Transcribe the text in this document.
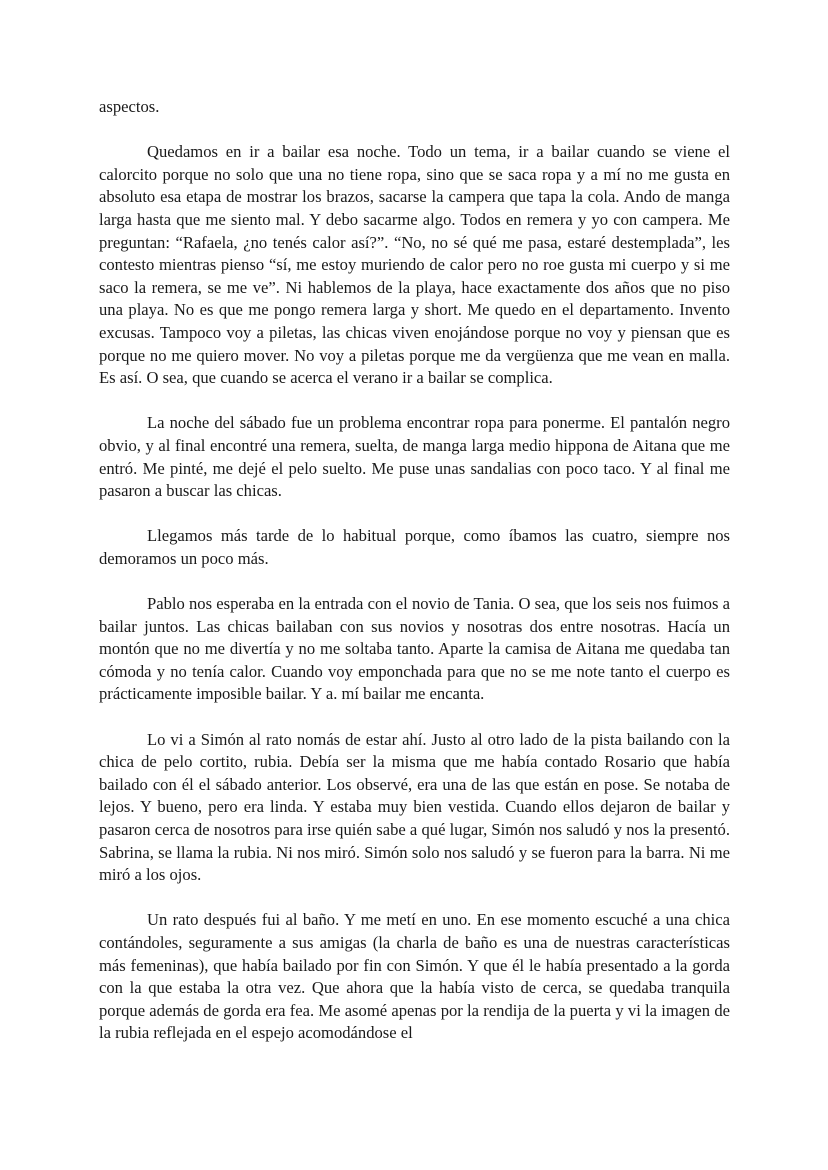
aspectos.

Quedamos en ir a bailar esa noche. Todo un tema, ir a bailar cuando se viene el calorcito porque no solo que una no tiene ropa, sino que se saca ropa y a mí no me gusta en absoluto esa etapa de mostrar los brazos, sacarse la campera que tapa la cola. Ando de manga larga hasta que me siento mal. Y debo sacarme algo. Todos en remera y yo con campera. Me preguntan: “Rafaela, ¿no tenés calor así?”. “No, no sé qué me pasa, estaré destemplada”, les contesto mientras pienso “sí, me estoy muriendo de calor pero no roe gusta mi cuerpo y si me saco la remera, se me ve”. Ni hablemos de la playa, hace exactamente dos años que no piso una playa. No es que me pongo remera larga y short. Me quedo en el departamento. Invento excusas. Tampoco voy a piletas, las chicas viven enojándose porque no voy y piensan que es porque no me quiero mover. No voy a piletas porque me da vergüenza que me vean en malla. Es así. O sea, que cuando se acerca el verano ir a bailar se complica.

La noche del sábado fue un problema encontrar ropa para ponerme. El pantalón negro obvio, y al final encontré una remera, suelta, de manga larga medio hippona de Aitana que me entró. Me pinté, me dejé el pelo suelto. Me puse unas sandalias con poco taco. Y al final me pasaron a buscar las chicas.

Llegamos más tarde de lo habitual porque, como íbamos las cuatro, siempre nos demoramos un poco más.

Pablo nos esperaba en la entrada con el novio de Tania. O sea, que los seis nos fuimos a bailar juntos. Las chicas bailaban con sus novios y nosotras dos entre nosotras. Hacía un montón que no me divertía y no me soltaba tanto. Aparte la camisa de Aitana me quedaba tan cómoda y no tenía calor. Cuando voy emponchada para que no se me note tanto el cuerpo es prácticamente imposible bailar. Y a. mí bailar me encanta.

Lo vi a Simón al rato nomás de estar ahí. Justo al otro lado de la pista bailando con la chica de pelo cortito, rubia. Debía ser la misma que me había contado Rosario que había bailado con él el sábado anterior. Los observé, era una de las que están en pose. Se notaba de lejos. Y bueno, pero era linda. Y estaba muy bien vestida. Cuando ellos dejaron de bailar y pasaron cerca de nosotros para irse quién sabe a qué lugar, Simón nos saludó y nos la presentó. Sabrina, se llama la rubia. Ni nos miró. Simón solo nos saludó y se fueron para la barra. Ni me miró a los ojos.

Un rato después fui al baño. Y me metí en uno. En ese momento escuché a una chica contándoles, seguramente a sus amigas (la charla de baño es una de nuestras características más femeninas), que había bailado por fin con Simón. Y que él le había presentado a la gorda con la que estaba la otra vez. Que ahora que la había visto de cerca, se quedaba tranquila porque además de gorda era fea. Me asomé apenas por la rendija de la puerta y vi la imagen de la rubia reflejada en el espejo acomodándose el
